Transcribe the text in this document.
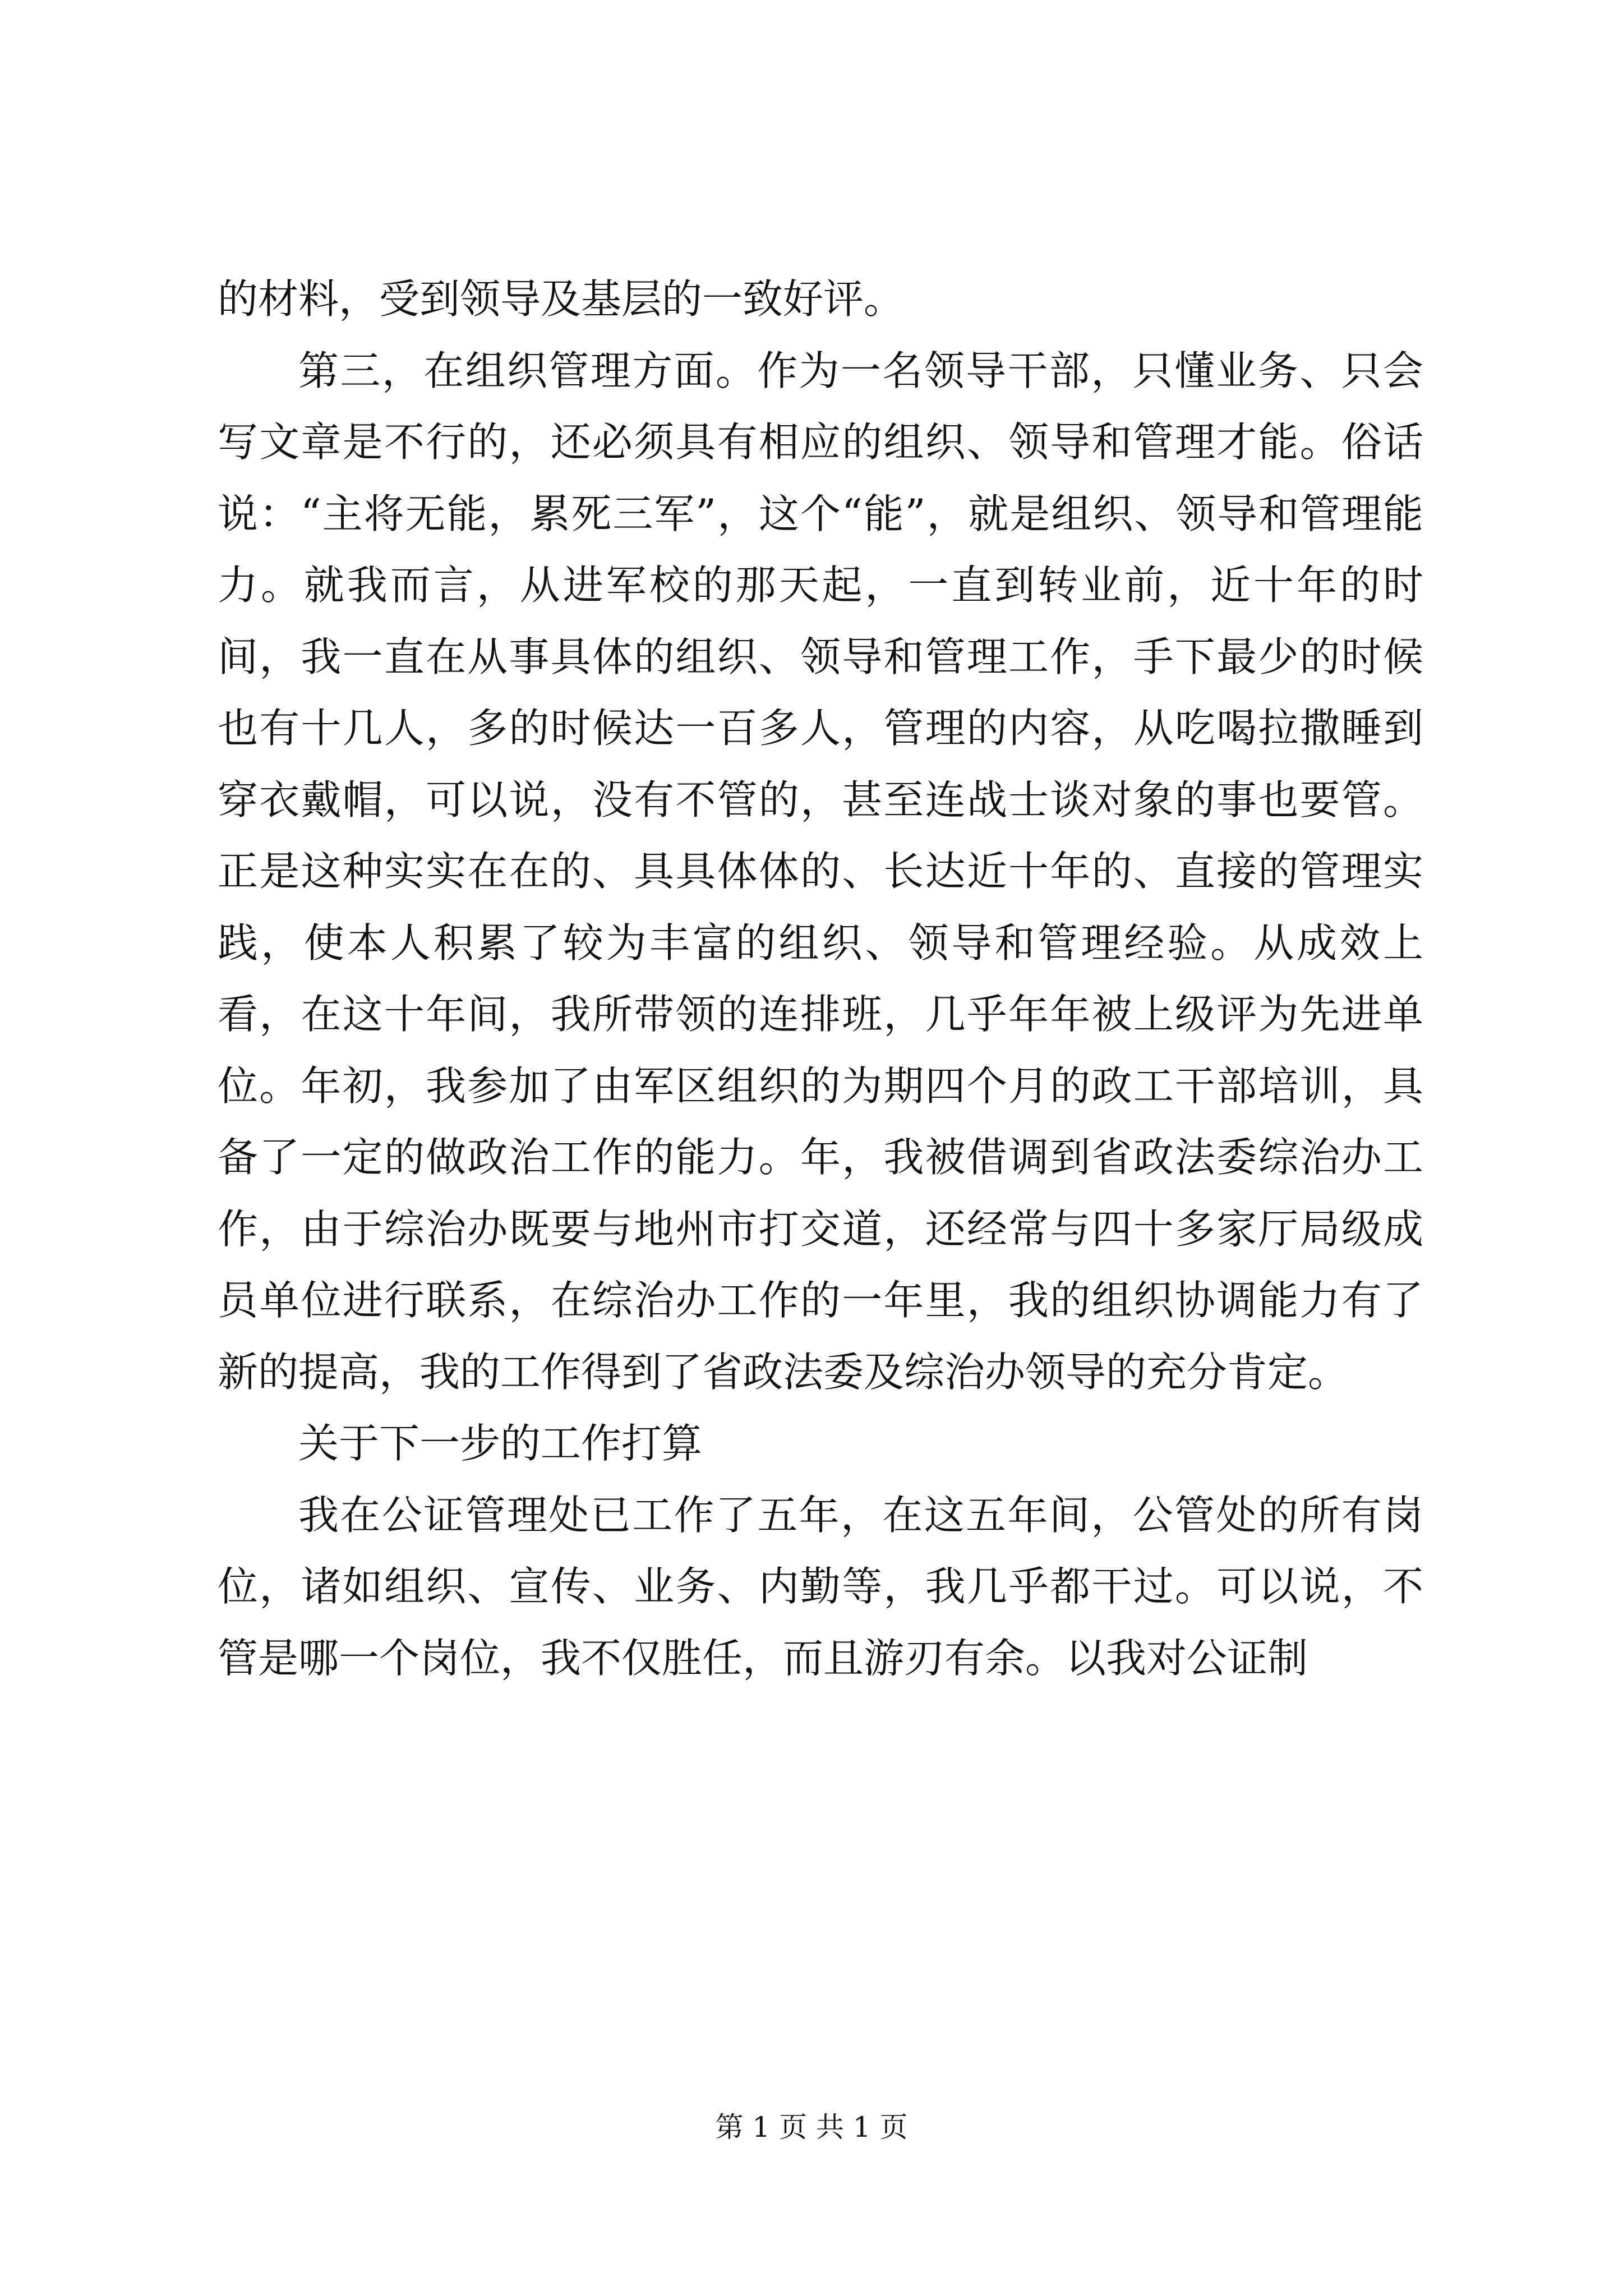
的材料，受到领导及基层的一致好评。

第三，在组织管理方面。作为一名领导干部，只懂业务、只会写文章是不行的，还必须具有相应的组织、领导和管理才能。俗话说：“主将无能，累死三军”，这个“能”，就是组织、领导和管理能力。就我而言，从进军校的那天起，一直到转业前，近十年的时间，我一直在从事具体的组织、领导和管理工作，手下最少的时候也有十几人，多的时候达一百多人，管理的内容，从吃喝拉撒睡到穿衣戴帽，可以说，没有不管的，甚至连战士谈对象的事也要管。正是这种实实在在的、具具体体的、长达近十年的、直接的管理实践，使本人积累了较为丰富的组织、领导和管理经验。从成效上看，在这十年间，我所带领的连排班，几乎年年被上级评为先进单位。年初，我参加了由军区组织的为期四个月的政工干部培训，具备了一定的做政治工作的能力。年，我被借调到省政法委综治办工作，由于综治办既要与地州市打交道，还经常与四十多家厅局级成员单位进行联系，在综治办工作的一年里，我的组织协调能力有了新的提高，我的工作得到了省政法委及综治办领导的充分肯定。

关于下一步的工作打算

我在公证管理处已工作了五年，在这五年间，公管处的所有岗位，诸如组织、宣传、业务、内勤等，我几乎都干过。可以说，不管是哪一个岗位，我不仅胜任，而且游刃有余。以我对公证制

第 1 页 共 1 页
